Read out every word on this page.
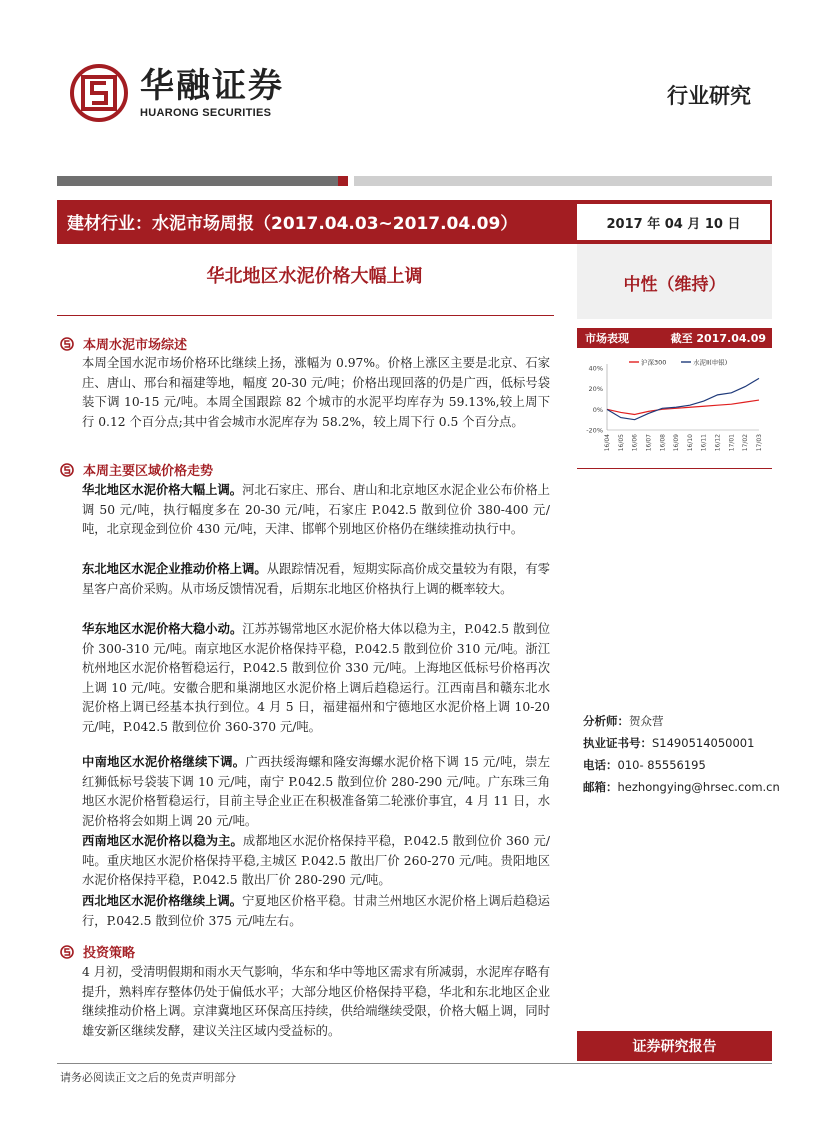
华融证券
HUARONG SECURITIES
行业研究
建材行业：水泥市场周报（2017.04.03~2017.04.09）	2017 年 04 月 10 日
华北地区水泥价格大幅上调	中性（维持）
本周水泥市场综述
本周全国水泥市场价格环比继续上扬，涨幅为 0.97%。价格上涨区主要是北京、石家庄、唐山、邢台和福建等地，幅度 20-30 元/吨；价格出现回落的仍是广西，低标号袋装下调 10-15 元/吨。本周全国跟踪 82 个城市的水泥平均库存为 59.13%,较上周下行 0.12 个百分点;其中省会城市水泥库存为 58.2%，较上周下行 0.5 个百分点。
本周主要区域价格走势
华北地区水泥价格大幅上调。河北石家庄、邢台、唐山和北京地区水泥企业公布价格上调 50 元/吨，执行幅度多在 20-30 元/吨，石家庄 P.042.5 散到位价 380-400 元/吨，北京现金到位价 430 元/吨，天津、邯郸个别地区价格仍在继续推动执行中。
东北地区水泥企业推动价格上调。从跟踪情况看，短期实际高价成交量较为有限，有零星客户高价采购。从市场反馈情况看，后期东北地区价格执行上调的概率较大。
华东地区水泥价格大稳小动。江苏苏锡常地区水泥价格大体以稳为主，P.042.5 散到位价 300-310 元/吨。南京地区水泥价格保持平稳，P.042.5 散到位价 310 元/吨。浙江杭州地区水泥价格暂稳运行，P.042.5 散到位价 330 元/吨。上海地区低标号价格再次上调 10 元/吨。安徽合肥和巢湖地区水泥价格上调后趋稳运行。江西南昌和赣东北水泥价格上调已经基本执行到位。4 月 5 日，福建福州和宁德地区水泥价格上调 10-20 元/吨，P.042.5 散到位价 360-370 元/吨。
中南地区水泥价格继续下调。广西扶绥海螺和隆安海螺水泥价格下调 15 元/吨，崇左红狮低标号袋装下调 10 元/吨，南宁 P.042.5 散到位价 280-290 元/吨。广东珠三角地区水泥价格暂稳运行，目前主导企业正在积极准备第二轮涨价事宜，4 月 11 日，水泥价格将会如期上调 20 元/吨。
西南地区水泥价格以稳为主。成都地区水泥价格保持平稳，P.042.5 散到位价 360 元/吨。重庆地区水泥价格保持平稳,主城区 P.042.5 散出厂价 260-270 元/吨。贵阳地区水泥价格保持平稳，P.042.5 散出厂价 280-290 元/吨。
西北地区水泥价格继续上调。宁夏地区价格平稳。甘肃兰州地区水泥价格上调后趋稳运行，P.042.5 散到位价 375 元/吨左右。
投资策略
4 月初，受清明假期和雨水天气影响，华东和华中等地区需求有所减弱，水泥库存略有提升，熟料库存整体仍处于偏低水平；大部分地区价格保持平稳，华北和东北地区企业继续推动价格上调。京津冀地区环保高压持续，供给端继续受限，价格大幅上调，同时雄安新区继续发酵，建议关注区域内受益标的。
市场表现	截至 2017.04.09
40%
20%
0%
-20%
16/04 16/05 16/06 16/07 16/08 16/09 16/10 16/11 16/12 17/01 17/02 17/03
沪深300	水泥Ⅱ(申银)
分析师：贺众营
执业证书号：S1490514050001
电话：010- 85556195
邮箱：hezhongying@hrsec.com.cn
证券研究报告
请务必阅读正文之后的免责声明部分
